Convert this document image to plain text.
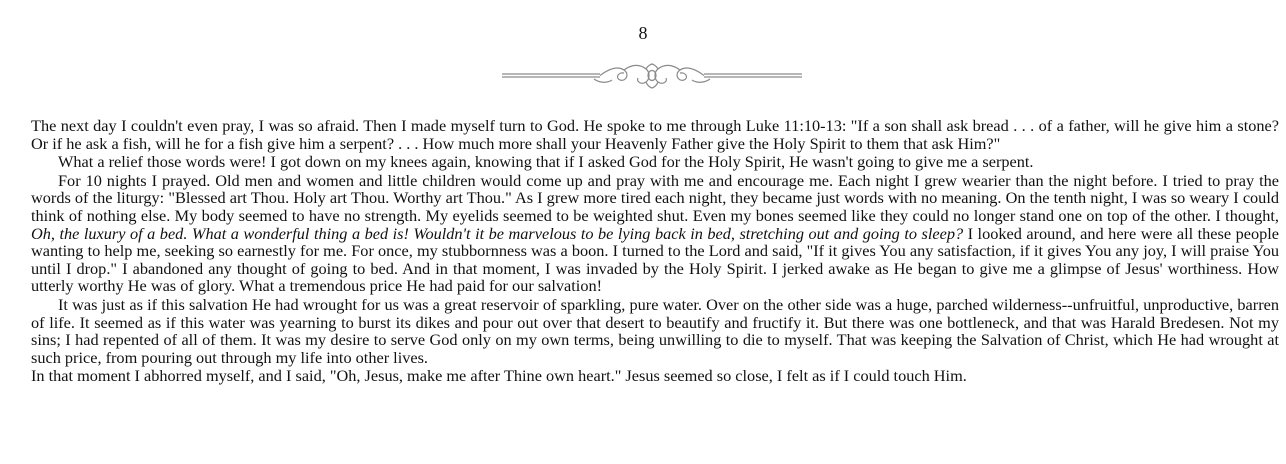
8

The next day I couldn't even pray, I was so afraid. Then I made myself turn to God. He spoke to me through Luke 11:10-13: "If a son shall ask bread . . . of a father, will he give him a stone? Or if he ask a fish, will he for a fish give him a serpent? . . . How much more shall your Heavenly Father give the Holy Spirit to them that ask Him?"

What a relief those words were! I got down on my knees again, knowing that if I asked God for the Holy Spirit, He wasn't going to give me a serpent.

For 10 nights I prayed. Old men and women and little children would come up and pray with me and encourage me. Each night I grew wearier than the night before. I tried to pray the words of the liturgy: "Blessed art Thou. Holy art Thou. Worthy art Thou." As I grew more tired each night, they became just words with no meaning. On the tenth night, I was so weary I could think of nothing else. My body seemed to have no strength. My eyelids seemed to be weighted shut. Even my bones seemed like they could no longer stand one on top of the other. I thought, Oh, the luxury of a bed. What a wonderful thing a bed is! Wouldn't it be marvelous to be lying back in bed, stretching out and going to sleep? I looked around, and here were all these people wanting to help me, seeking so earnestly for me. For once, my stubbornness was a boon. I turned to the Lord and said, "If it gives You any satisfaction, if it gives You any joy, I will praise You until I drop." I abandoned any thought of going to bed. And in that moment, I was invaded by the Holy Spirit. I jerked awake as He began to give me a glimpse of Jesus' worthiness. How utterly worthy He was of glory. What a tremendous price He had paid for our salvation!

It was just as if this salvation He had wrought for us was a great reservoir of sparkling, pure water. Over on the other side was a huge, parched wilderness--unfruitful, unproductive, barren of life. It seemed as if this water was yearning to burst its dikes and pour out over that desert to beautify and fructify it. But there was one bottleneck, and that was Harald Bredesen. Not my sins; I had repented of all of them. It was my desire to serve God only on my own terms, being unwilling to die to myself. That was keeping the Salvation of Christ, which He had wrought at such price, from pouring out through my life into other lives.

In that moment I abhorred myself, and I said, "Oh, Jesus, make me after Thine own heart." Jesus seemed so close, I felt as if I could touch Him.
